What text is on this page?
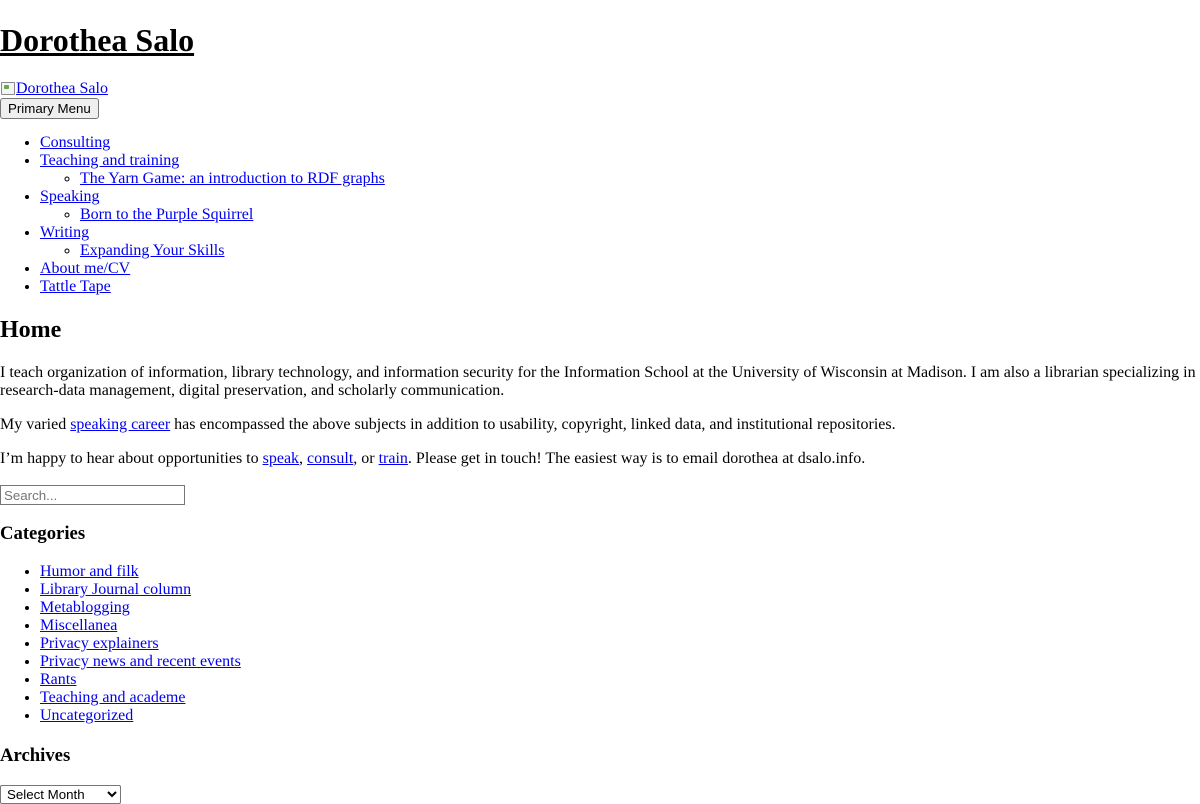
Dorothea Salo
Dorothea Salo
Primary Menu
• Consulting
• Teaching and training
◦ The Yarn Game: an introduction to RDF graphs
• Speaking
◦ Born to the Purple Squirrel
• Writing
◦ Expanding Your Skills
• About me/CV
• Tattle Tape
Home

I teach organization of information, library technology, and information security for the Information School at the University of Wisconsin at Madison. I am also a librarian specializing in research-data management, digital preservation, and scholarly communication.

My varied speaking career has encompassed the above subjects in addition to usability, copyright, linked data, and institutional repositories.

I’m happy to hear about opportunities to speak, consult, or train. Please get in touch! The easiest way is to email dorothea at dsalo.info.

Search...
Categories
• Humor and filk
• Library Journal column
• Metablogging
• Miscellanea
• Privacy explainers
• Privacy news and recent events
• Rants
• Teaching and academe
• Uncategorized
Archives
Select Month
